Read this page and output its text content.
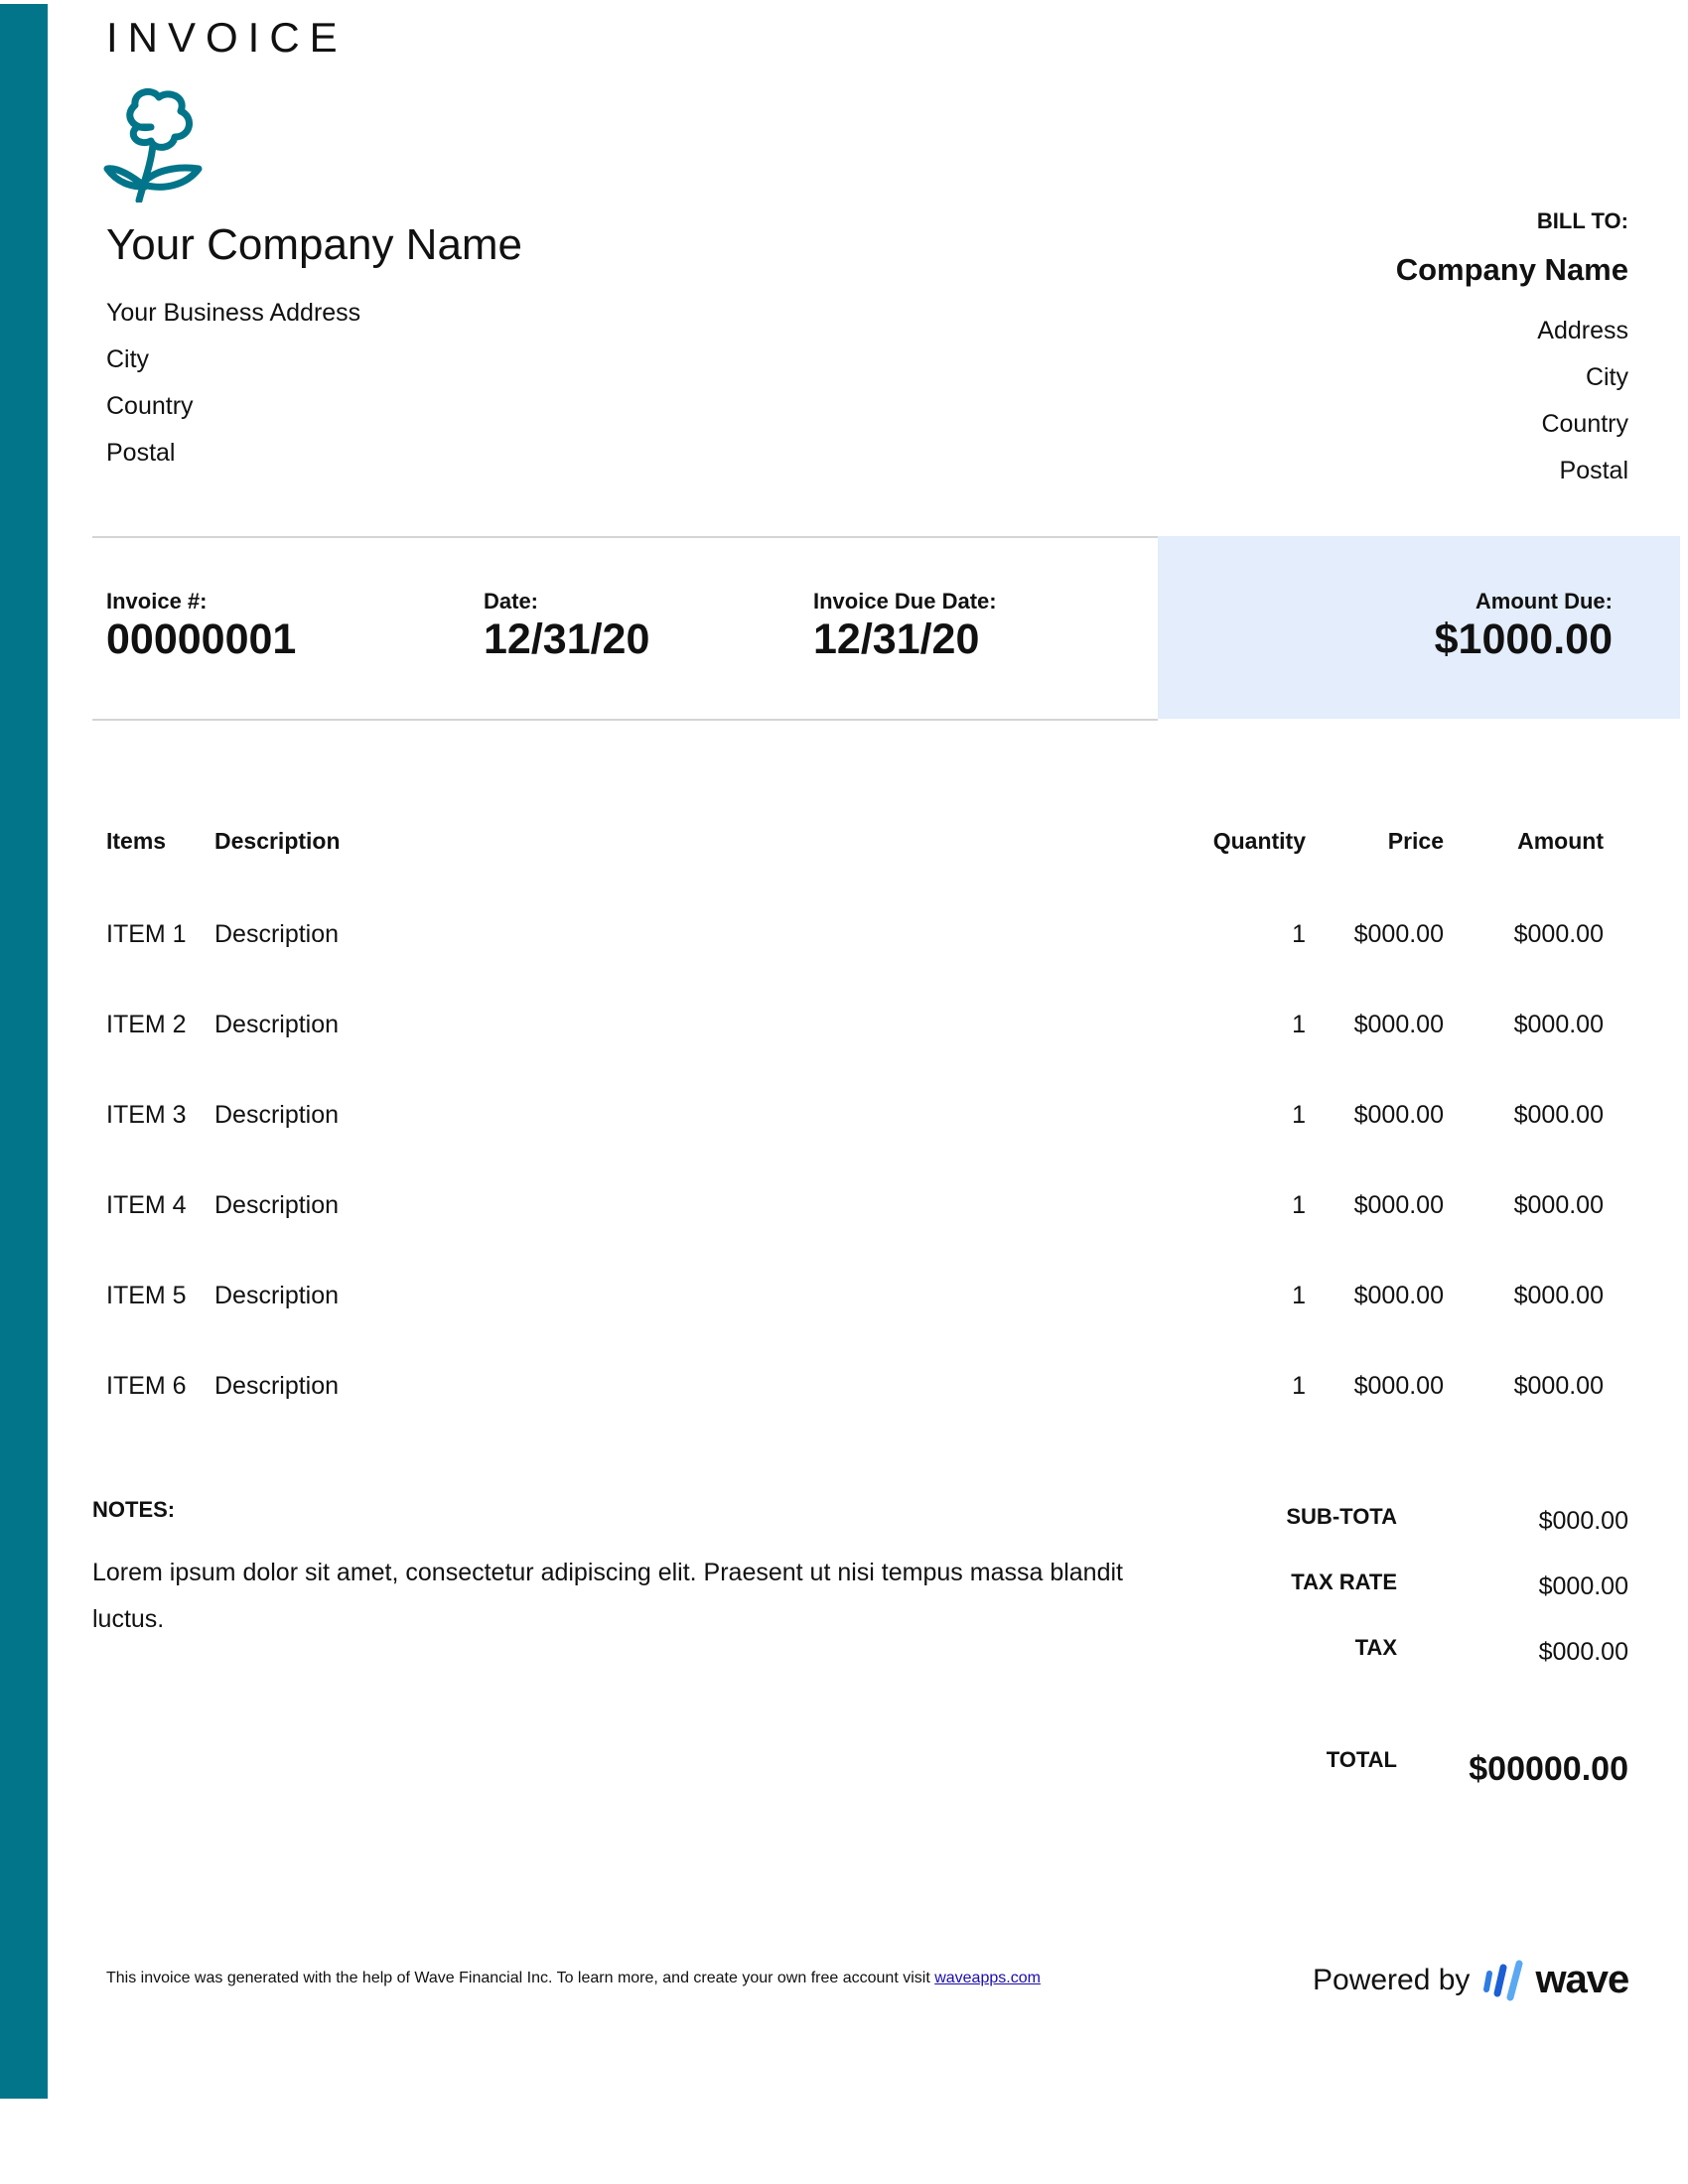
INVOICE
Your Company Name
Your Business Address
City
Country
Postal
BILL TO:
Company Name
Address
City
Country
Postal
Invoice #:
00000001
Date:
12/31/20
Invoice Due Date:
12/31/20
Amount Due:
$1000.00
Items Description	Quantity	Price	Amount
ITEM 1 Description	1 $000.00	$000.00
ITEM 2 Description	1 $000.00	$000.00
ITEM 3 Description	1 $000.00	$000.00
ITEM 4 Description	1 $000.00	$000.00
ITEM 5 Description	1 $000.00	$000.00
ITEM 6 Description	1 $000.00	$000.00
NOTES:
Lorem ipsum dolor sit amet, consectetur adipiscing elit. Praesent ut nisi tempus massa blandit luctus.
SUB-TOTA	$000.00
TAX RATE	$000.00
TAX	$000.00
TOTAL	$00000.00
This invoice was generated with the help of Wave Financial Inc. To learn more, and create your own free account visit waveapps.com	Powered by wave
